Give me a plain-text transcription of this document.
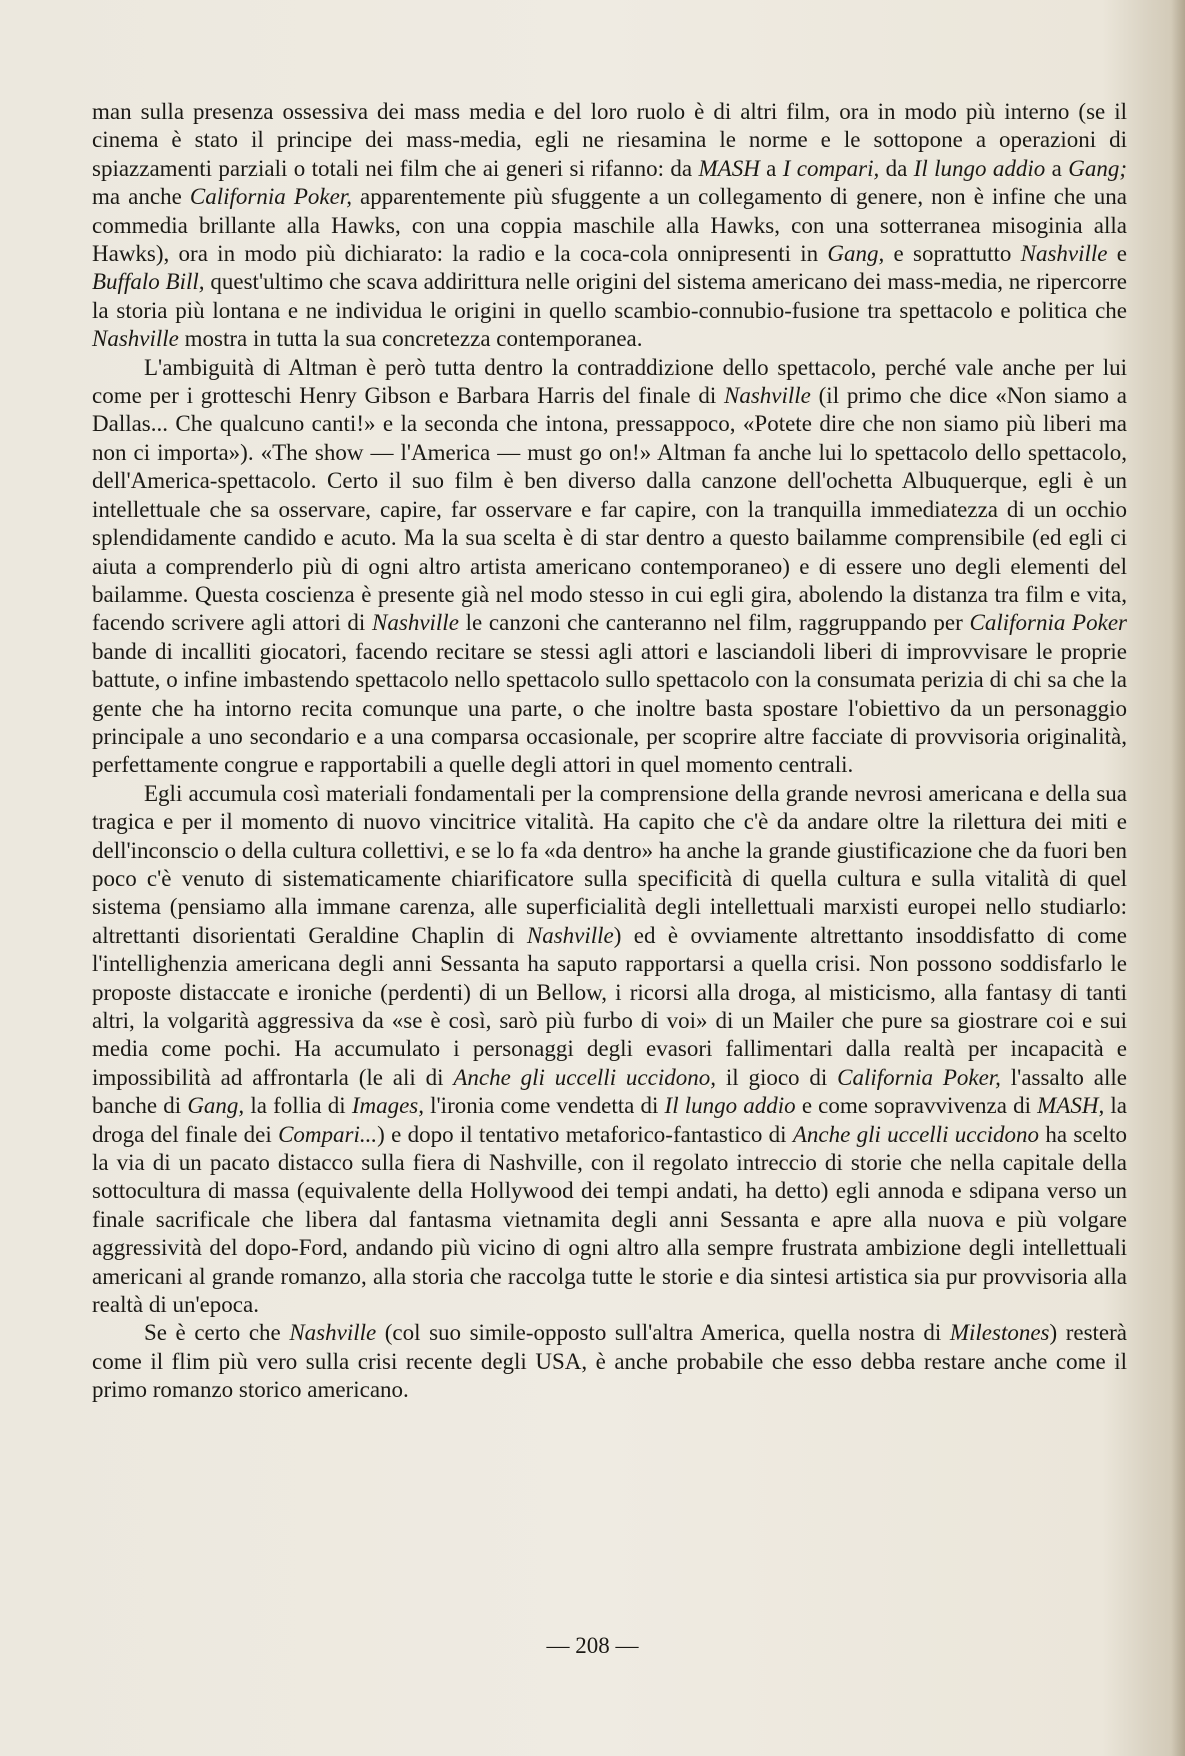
man sulla presenza ossessiva dei mass media e del loro ruolo è di altri film, ora in modo più interno (se il cinema è stato il principe dei mass-media, egli ne riesamina le norme e le sottopone a operazioni di spiazzamenti parziali o totali nei film che ai generi si rifanno: da MASH a I compari, da Il lungo addio a Gang; ma anche California Poker, apparentemente più sfuggente a un collegamento di genere, non è infine che una commedia brillante alla Hawks, con una coppia maschile alla Hawks, con una sotterranea misoginia alla Hawks), ora in modo più dichiarato: la radio e la coca-cola onnipresenti in Gang, e soprattutto Nashville e Buffalo Bill, quest'ultimo che scava addirittura nelle origini del sistema americano dei mass-media, ne ripercorre la storia più lontana e ne individua le origini in quello scambio-connubio-fusione tra spettacolo e politica che Nashville mostra in tutta la sua concretezza contemporanea.

L'ambiguità di Altman è però tutta dentro la contraddizione dello spettacolo, perché vale anche per lui come per i grotteschi Henry Gibson e Barbara Harris del finale di Nashville (il primo che dice «Non siamo a Dallas... Che qualcuno canti!» e la seconda che intona, pressappoco, «Potete dire che non siamo più liberi ma non ci importa»). «The show — l'America — must go on!» Altman fa anche lui lo spettacolo dello spettacolo, dell'America-spettacolo. Certo il suo film è ben diverso dalla canzone dell'ochetta Albuquerque, egli è un intellettuale che sa osservare, capire, far osservare e far capire, con la tranquilla immediatezza di un occhio splendidamente candido e acuto. Ma la sua scelta è di star dentro a questo bailamme comprensibile (ed egli ci aiuta a comprenderlo più di ogni altro artista americano contemporaneo) e di essere uno degli elementi del bailamme. Questa coscienza è presente già nel modo stesso in cui egli gira, abolendo la distanza tra film e vita, facendo scrivere agli attori di Nashville le canzoni che canteranno nel film, raggruppando per California Poker bande di incalliti giocatori, facendo recitare se stessi agli attori e lasciandoli liberi di improvvisare le proprie battute, o infine imbastendo spettacolo nello spettacolo sullo spettacolo con la consumata perizia di chi sa che la gente che ha intorno recita comunque una parte, o che inoltre basta spostare l'obiettivo da un personaggio principale a uno secondario e a una comparsa occasionale, per scoprire altre facciate di provvisoria originalità, perfettamente congrue e rapportabili a quelle degli attori in quel momento centrali.

Egli accumula così materiali fondamentali per la comprensione della grande nevrosi americana e della sua tragica e per il momento di nuovo vincitrice vitalità. Ha capito che c'è da andare oltre la rilettura dei miti e dell'inconscio o della cultura collettivi, e se lo fa «da dentro» ha anche la grande giustificazione che da fuori ben poco c'è venuto di sistematicamente chiarificatore sulla specificità di quella cultura e sulla vitalità di quel sistema (pensiamo alla immane carenza, alle superficialità degli intellettuali marxisti europei nello studiarlo: altrettanti disorientati Geraldine Chaplin di Nashville) ed è ovviamente altrettanto insoddisfatto di come l'intellighenzia americana degli anni Sessanta ha saputo rapportarsi a quella crisi. Non possono soddisfarlo le proposte distaccate e ironiche (perdenti) di un Bellow, i ricorsi alla droga, al misticismo, alla fantasy di tanti altri, la volgarità aggressiva da «se è così, sarò più furbo di voi» di un Mailer che pure sa giostrare coi e sui media come pochi. Ha accumulato i personaggi degli evasori fallimentari dalla realtà per incapacità e impossibilità ad affrontarla (le ali di Anche gli uccelli uccidono, il gioco di California Poker, l'assalto alle banche di Gang, la follia di Images, l'ironia come vendetta di Il lungo addio e come sopravvivenza di MASH, la droga del finale dei Compari...) e dopo il tentativo metaforico-fantastico di Anche gli uccelli uccidono ha scelto la via di un pacato distacco sulla fiera di Nashville, con il regolato intreccio di storie che nella capitale della sottocultura di massa (equivalente della Hollywood dei tempi andati, ha detto) egli annoda e sdipana verso un finale sacrificale che libera dal fantasma vietnamita degli anni Sessanta e apre alla nuova e più volgare aggressività del dopo-Ford, andando più vicino di ogni altro alla sempre frustrata ambizione degli intellettuali americani al grande romanzo, alla storia che raccolga tutte le storie e dia sintesi artistica sia pur provvisoria alla realtà di un'epoca.

Se è certo che Nashville (col suo simile-opposto sull'altra America, quella nostra di Milestones) resterà come il flim più vero sulla crisi recente degli USA, è anche probabile che esso debba restare anche come il primo romanzo storico americano.

— 208 —
